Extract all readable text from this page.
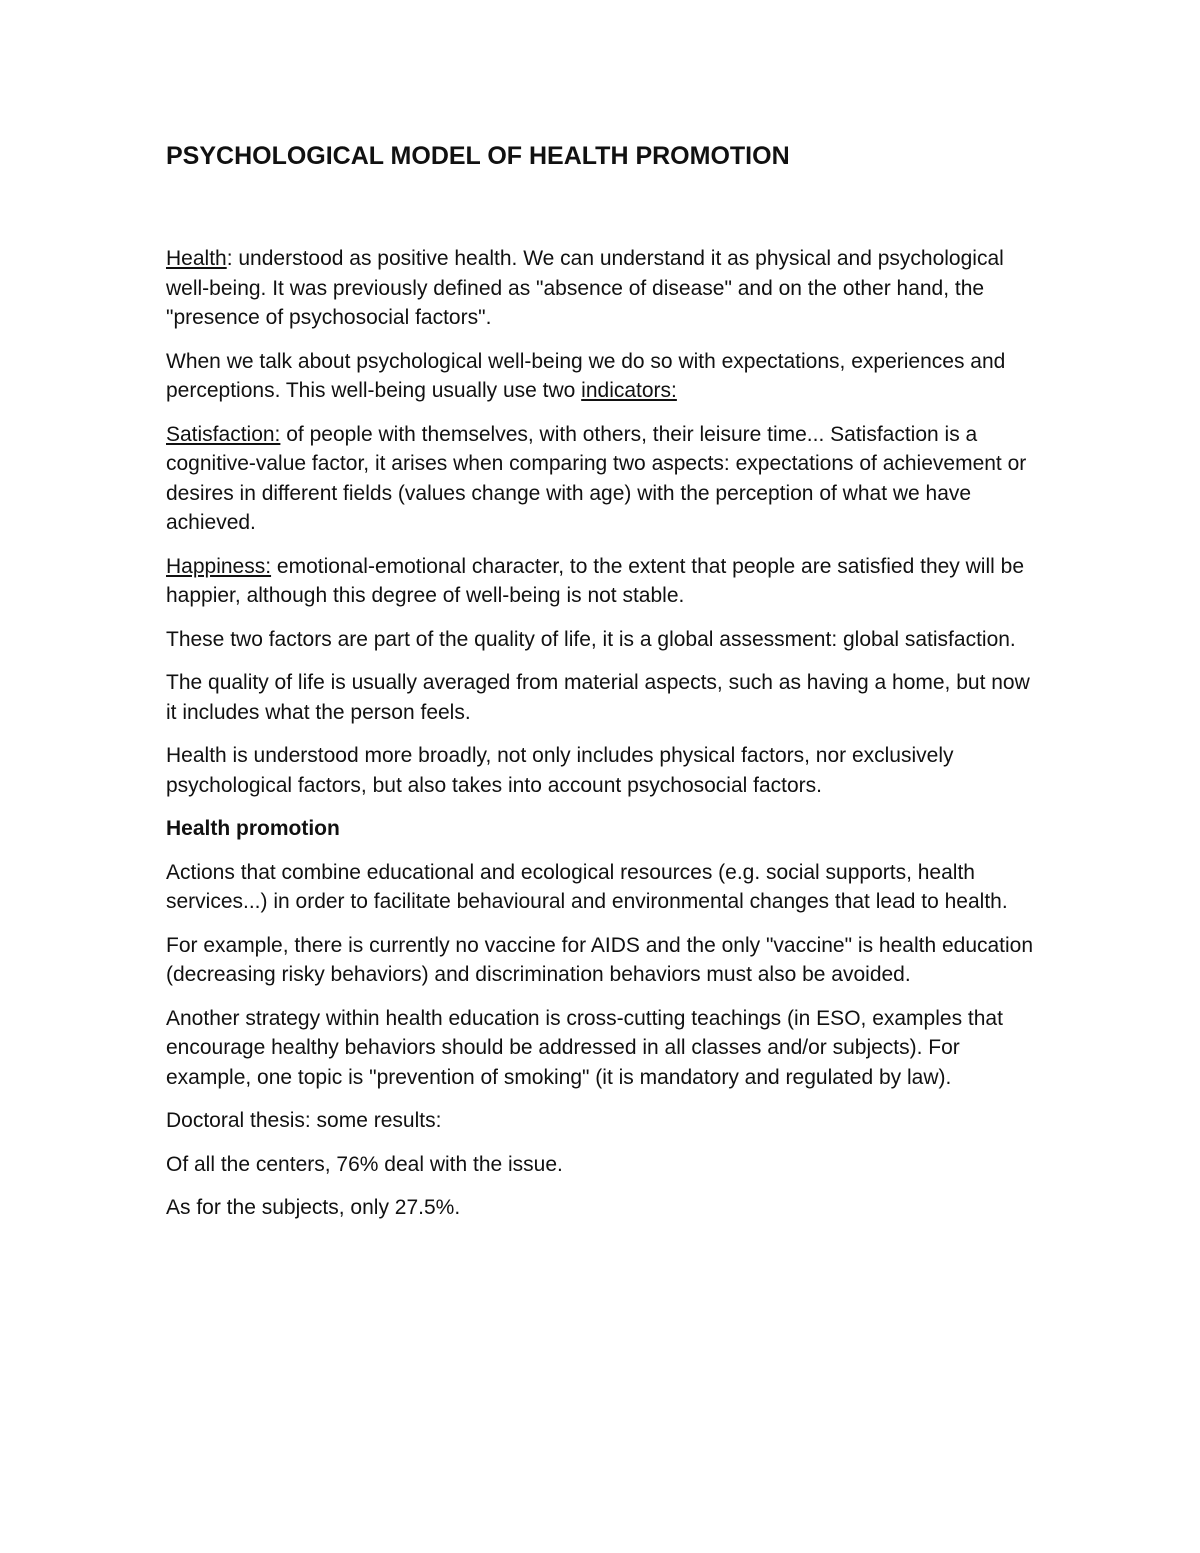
PSYCHOLOGICAL MODEL OF HEALTH PROMOTION

Health: understood as positive health. We can understand it as physical and psychological well-being. It was previously defined as "absence of disease" and on the other hand, the "presence of psychosocial factors".

When we talk about psychological well-being we do so with expectations, experiences and perceptions. This well-being usually use two indicators:

Satisfaction: of people with themselves, with others, their leisure time... Satisfaction is a cognitive-value factor, it arises when comparing two aspects: expectations of achievement or desires in different fields (values change with age) with the perception of what we have achieved.

Happiness: emotional-emotional character, to the extent that people are satisfied they will be happier, although this degree of well-being is not stable.

These two factors are part of the quality of life, it is a global assessment: global satisfaction.

The quality of life is usually averaged from material aspects, such as having a home, but now it includes what the person feels.

Health is understood more broadly, not only includes physical factors, nor exclusively psychological factors, but also takes into account psychosocial factors.

Health promotion

Actions that combine educational and ecological resources (e.g. social supports, health services...) in order to facilitate behavioural and environmental changes that lead to health.

For example, there is currently no vaccine for AIDS and the only "vaccine" is health education (decreasing risky behaviors) and discrimination behaviors must also be avoided.

Another strategy within health education is cross-cutting teachings (in ESO, examples that encourage healthy behaviors should be addressed in all classes and/or subjects). For example, one topic is "prevention of smoking" (it is mandatory and regulated by law).

Doctoral thesis: some results:

Of all the centers, 76% deal with the issue.

As for the subjects, only 27.5%.
